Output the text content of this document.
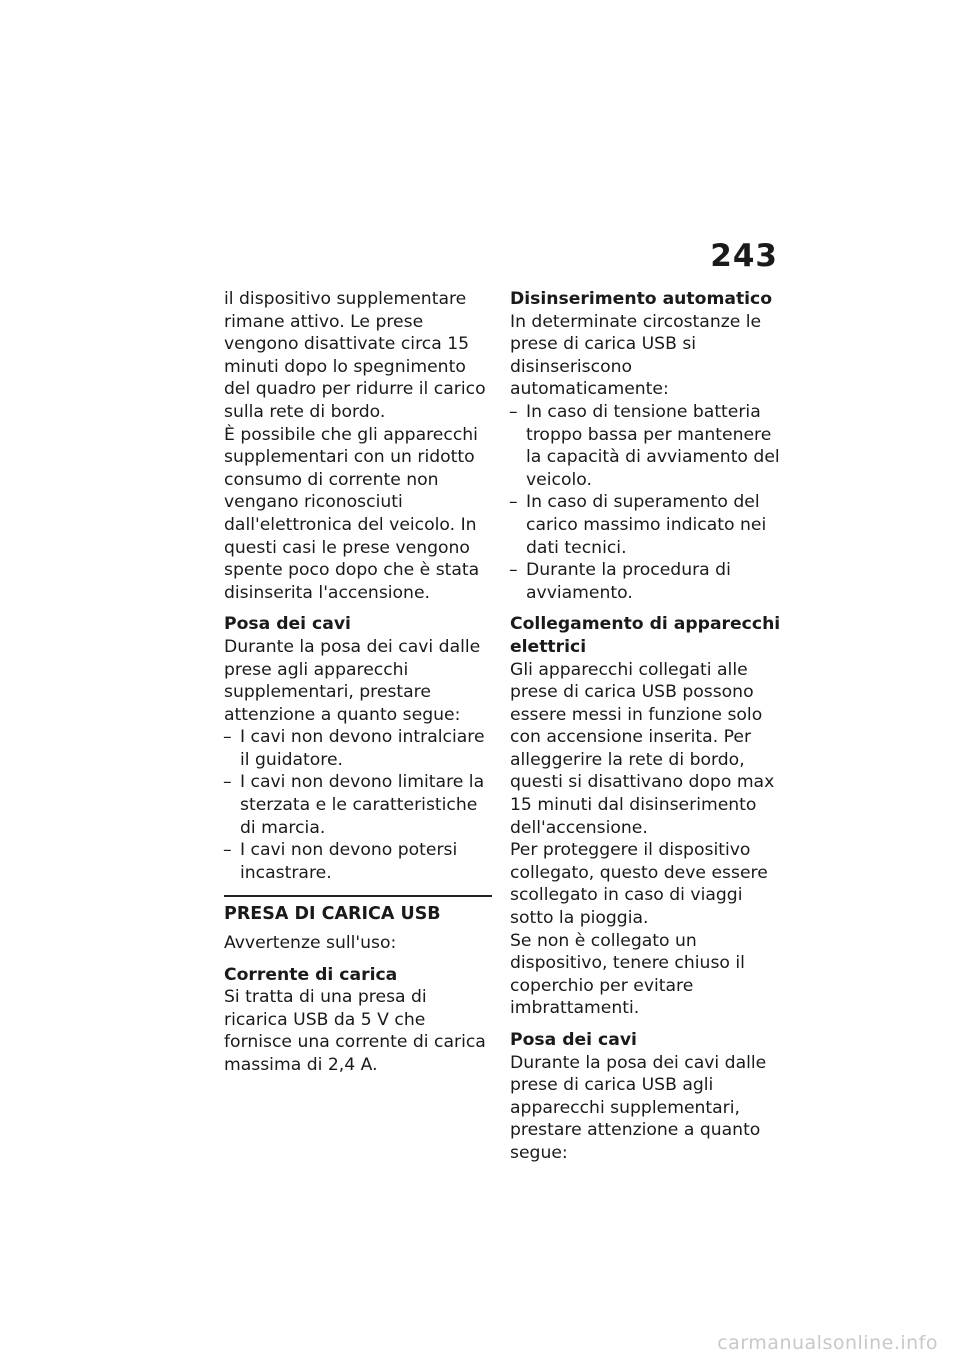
243

il dispositivo supplementare rimane attivo. Le prese vengono disattivate circa 15 minuti dopo lo spegnimento del quadro per ridurre il carico sulla rete di bordo.

È possibile che gli apparecchi supplementari con un ridotto consumo di corrente non vengano riconosciuti dall'elettronica del veicolo. In questi casi le prese vengono spente poco dopo che è stata disinserita l'accensione.

Posa dei cavi

Durante la posa dei cavi dalle prese agli apparecchi supplementari, prestare attenzione a quanto segue:

– I cavi non devono intralciare il guidatore.
– I cavi non devono limitare la sterzata e le caratteristiche di marcia.
– I cavi non devono potersi incastrare.

PRESA DI CARICA USB

Avvertenze sull'uso:

Corrente di carica

Si tratta di una presa di ricarica USB da 5 V che fornisce una corrente di carica massima di 2,4 A.

Disinserimento automatico

In determinate circostanze le prese di carica USB si disinseriscono automaticamente:

– In caso di tensione batteria troppo bassa per mantenere la capacità di avviamento del veicolo.
– In caso di superamento del carico massimo indicato nei dati tecnici.
– Durante la procedura di avviamento.

Collegamento di apparecchi elettrici

Gli apparecchi collegati alle prese di carica USB possono essere messi in funzione solo con accensione inserita. Per alleggerire la rete di bordo, questi si disattivano dopo max 15 minuti dal disinserimento dell'accensione.

Per proteggere il dispositivo collegato, questo deve essere scollegato in caso di viaggi sotto la pioggia.

Se non è collegato un dispositivo, tenere chiuso il coperchio per evitare imbrattamenti.

Posa dei cavi

Durante la posa dei cavi dalle prese di carica USB agli apparecchi supplementari, prestare attenzione a quanto segue:

carmanualsonline.info
